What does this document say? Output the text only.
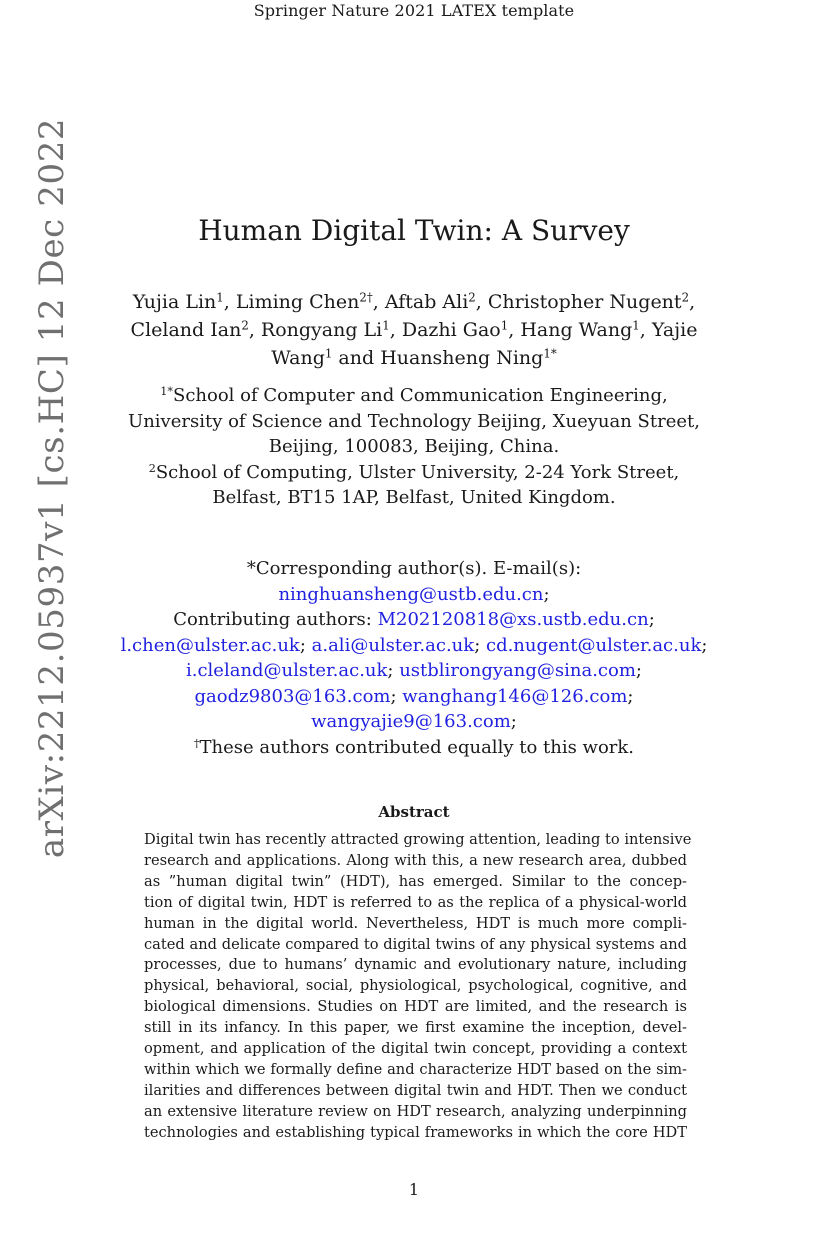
Springer Nature 2021 LATEX template
arXiv:2212.05937v1 [cs.HC] 12 Dec 2022	Human Digital Twin: A Survey
Yujia Lin$^1$, Liming Chen$^{2\dagger}$, Aftab Ali$^2$, Christopher Nugent$^2$, Cleland Ian$^2$, Rongyang Li$^1$, Dazhi Gao$^1$, Hang Wang$^1$, Yajie Wang$^1$ and Huansheng Ning$^{1*}$
$^{1*}$School of Computer and Communication Engineering,
University of Science and Technology Beijing, Xueyuan Street,
Beijing, 100083, Beijing, China.
$^2$School of Computing, Ulster University, 2-24 York Street,
Belfast, BT15 1AP, Belfast, United Kingdom.
*Corresponding author(s). E-mail(s):
ninghuansheng@ustb.edu.cn;
Contributing authors: M202120818@xs.ustb.edu.cn;
l.chen@ulster.ac.uk; a.ali@ulster.ac.uk; cd.nugent@ulster.ac.uk;
i.cleland@ulster.ac.uk; ustblirongyang@sina.com;
gaodz9803@163.com; wanghang146@126.com;
wangyajie9@163.com;
†These authors contributed equally to this work.
Abstract
Digital twin has recently attracted growing attention, leading to intensive
research and applications. Along with this, a new research area, dubbed
as ”human digital twin” (HDT), has emerged. Similar to the concep-
tion of digital twin, HDT is referred to as the replica of a physical-world
human in the digital world. Nevertheless, HDT is much more compli-
cated and delicate compared to digital twins of any physical systems and
processes, due to humans’ dynamic and evolutionary nature, including
physical, behavioral, social, physiological, psychological, cognitive, and
biological dimensions. Studies on HDT are limited, and the research is
still in its infancy. In this paper, we first examine the inception, devel-
opment, and application of the digital twin concept, providing a context
within which we formally define and characterize HDT based on the sim-
ilarities and differences between digital twin and HDT. Then we conduct
an extensive literature review on HDT research, analyzing underpinning
technologies and establishing typical frameworks in which the core HDT
1
